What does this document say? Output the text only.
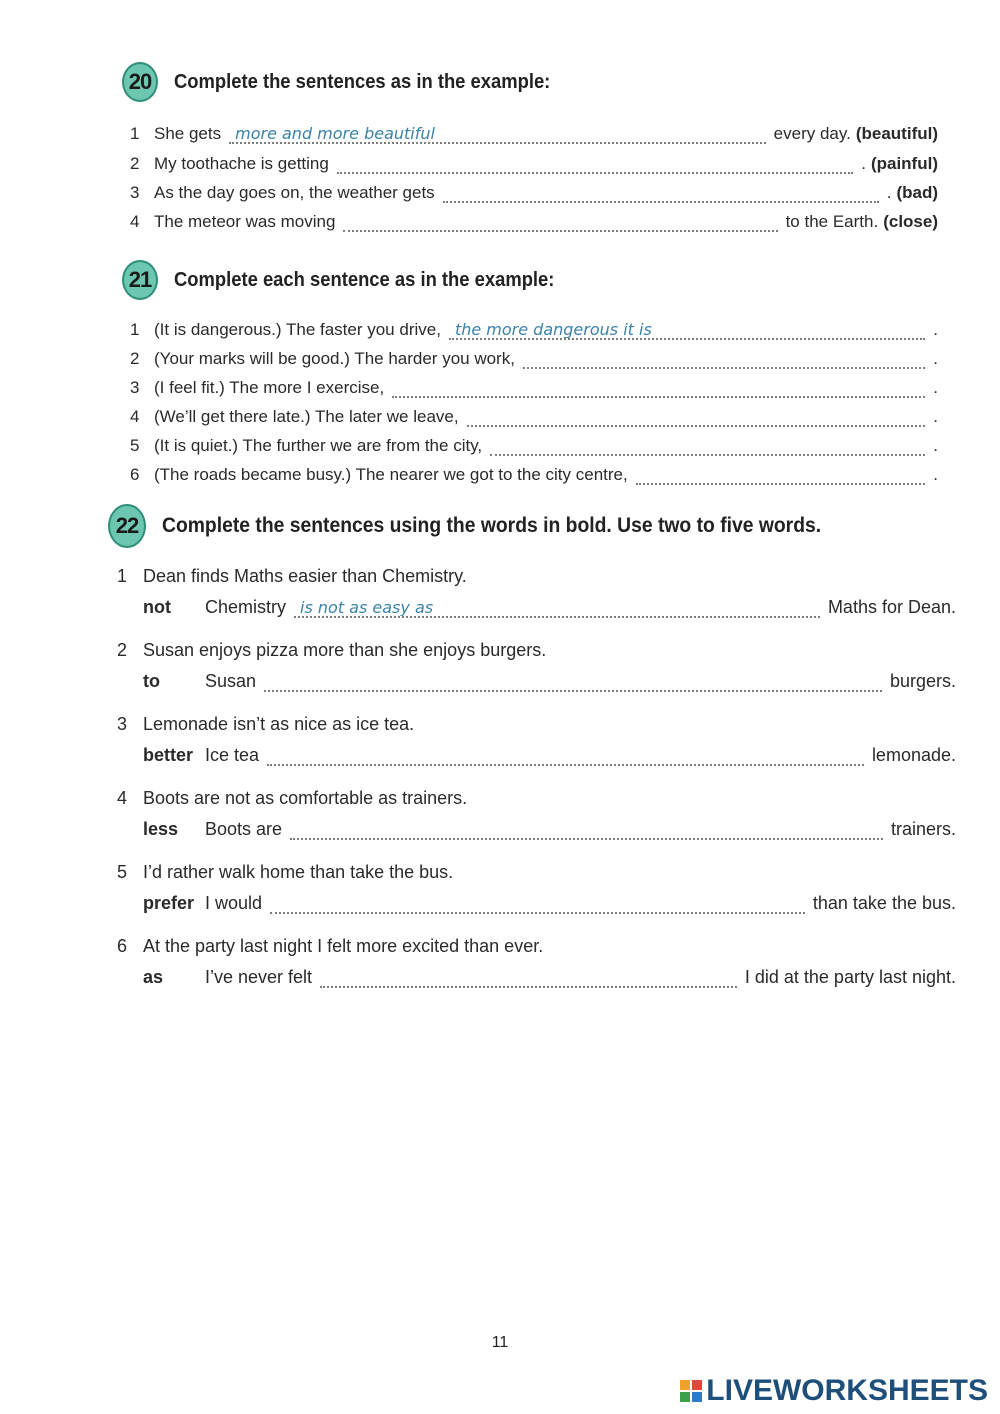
20	Complete the sentences as in the example:
1 She gets
more and more beautiful	every day. (beautiful)
2 My toothache is getting	. (painful)
3 As the day goes on, the weather gets	. (bad)
4 The meteor was moving	to the Earth. (close)
21	Complete each sentence as in the example:
1 (It is dangerous.) The faster you drive,
the more dangerous it is	.
2 (Your marks will be good.) The harder you work,	.
3 (I feel fit.) The more I exercise,	.
4 (We’ll get there late.) The later we leave,	.
5 (It is quiet.) The further we are from the city,	.
6 (The roads became busy.) The nearer we got to the city centre,	.
22	Complete the sentences using the words in bold. Use two to five words.
1 Dean finds Maths easier than Chemistry.
not	Chemistry
is not as easy as	Maths for Dean.
2 Susan enjoys pizza more than she enjoys burgers.
to	Susan	burgers.
3 Lemonade isn’t as nice as ice tea.
better Ice tea	lemonade.
4 Boots are not as comfortable as trainers.
less	Boots are	trainers.
5 I’d rather walk home than take the bus.
prefer I would	than take the bus.
6 At the party last night I felt more excited than ever.
as	I’ve never felt	I did at the party last night.
11
LIVEWORKSHEETS
